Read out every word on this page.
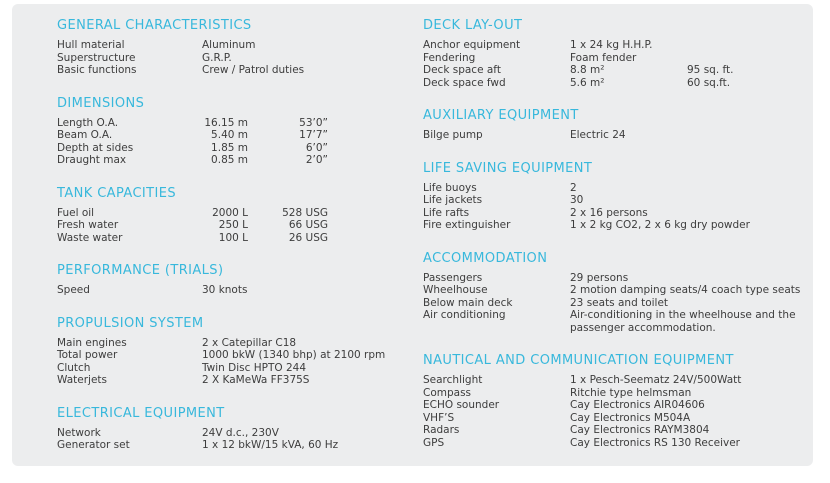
GENERAL CHARACTERISTICS
Hull material	Aluminum
Superstructure	G.R.P.
Basic functions	Crew / Patrol duties
DIMENSIONS
Length O.A.	16.15 m	53’0”
Beam O.A.	5.40 m	17’7”
Depth at sides	1.85 m	6’0”
Draught max	0.85 m	2’0”
TANK CAPACITIES
Fuel oil	2000 L	528 USG
Fresh water	250 L	66 USG
Waste water	100 L	26 USG
PERFORMANCE (TRIALS)
Speed	30 knots
PROPULSION SYSTEM
Main engines	2 x Catepillar C18
Total power	1000 bkW (1340 bhp) at 2100 rpm
Clutch	Twin Disc HPTO 244
Waterjets	2 X KaMeWa FF375S
ELECTRICAL EQUIPMENT
Network	24V d.c., 230V
Generator set	1 x 12 bkW/15 kVA, 60 Hz
DECK LAY-OUT
Anchor equipment	1 x 24 kg H.H.P.
Fendering	Foam fender
Deck space aft	8.8 m²	95 sq. ft.
Deck space fwd	5.6 m²	60 sq.ft.
AUXILIARY EQUIPMENT
Bilge pump	Electric 24
LIFE SAVING EQUIPMENT
Life buoys	2
Life jackets	30
Life rafts	2 x 16 persons
Fire extinguisher	1 x 2 kg CO2, 2 x 6 kg dry powder
ACCOMMODATION
Passengers	29 persons
Wheelhouse	2 motion damping seats/4 coach type seats
Below main deck	23 seats and toilet
Air conditioning	Air-conditioning in the wheelhouse and the passenger accommodation.
NAUTICAL AND COMMUNICATION EQUIPMENT
Searchlight	1 x Pesch-Seematz 24V/500Watt
Compass	Ritchie type helmsman
ECHO sounder	Cay Electronics AIR04606
VHF’S	Cay Electronics M504A
Radars	Cay Electronics RAYM3804
GPS	Cay Electronics RS 130 Receiver
